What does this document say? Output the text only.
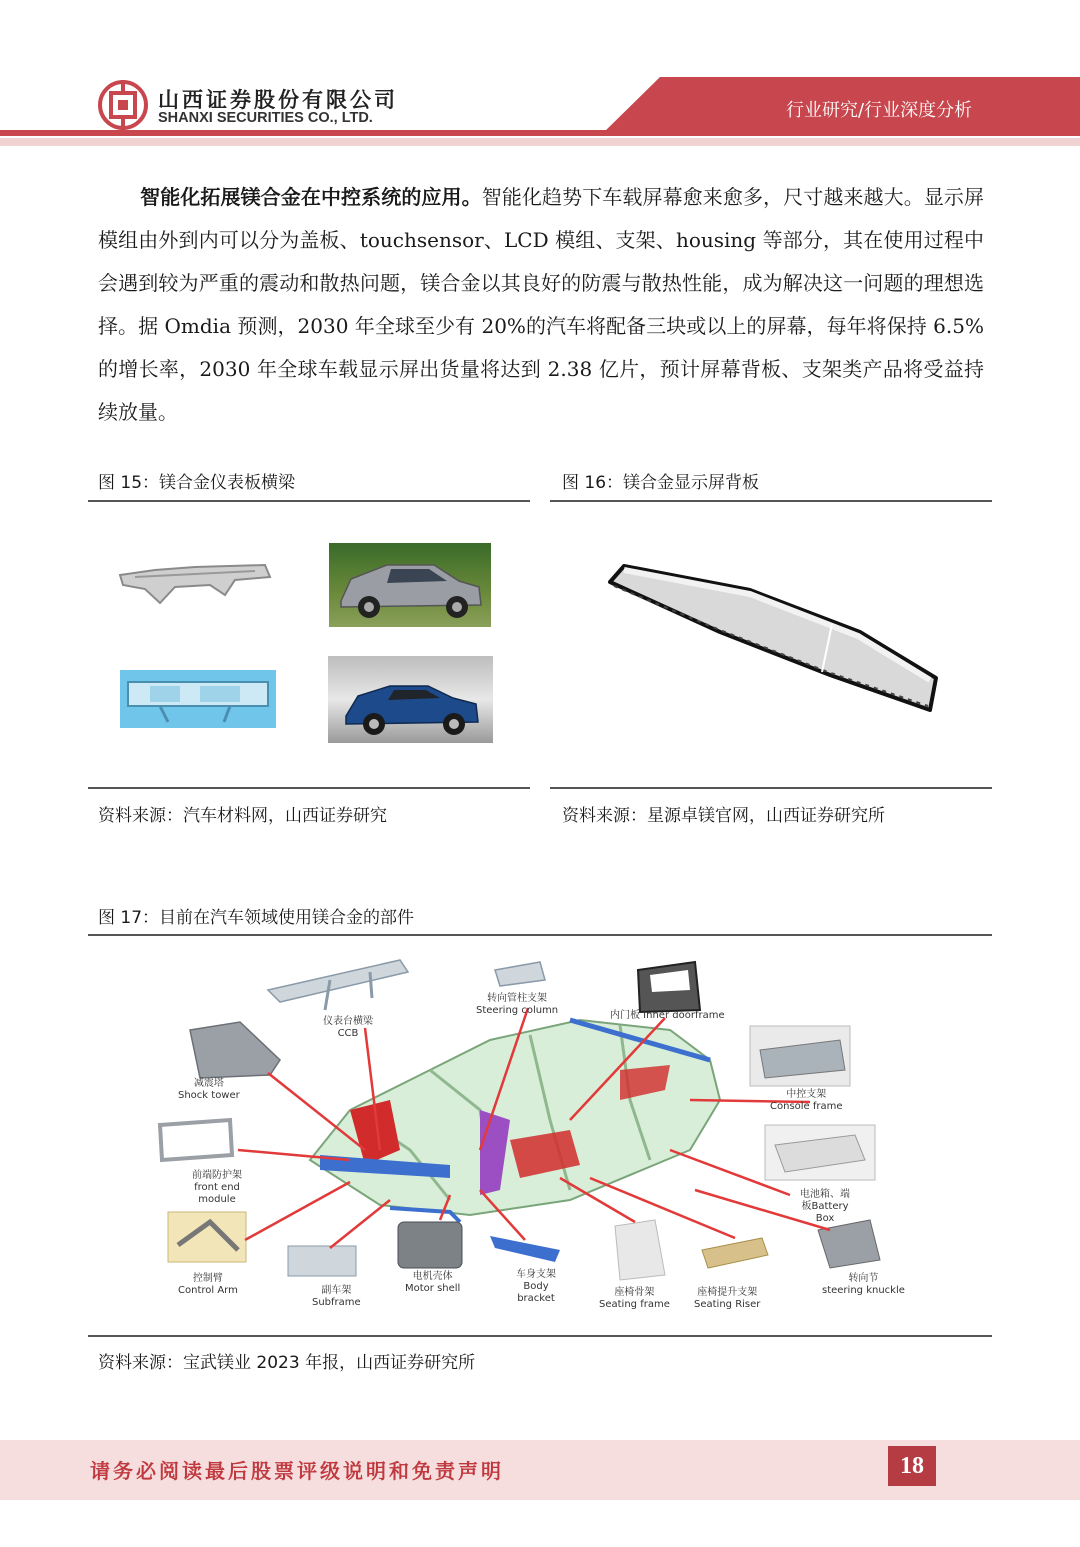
山西证券股份有限公司
SHANXI SECURITIES CO., LTD.	行业研究/行业深度分析

智能化拓展镁合金在中控系统的应用。智能化趋势下车载屏幕愈来愈多，尺寸越来越大。显示屏模组由外到内可以分为盖板、touchsensor、LCD 模组、支架、housing 等部分，其在使用过程中会遇到较为严重的震动和散热问题，镁合金以其良好的防震与散热性能，成为解决这一问题的理想选择。据 Omdia 预测，2030 年全球至少有 20%的汽车将配备三块或以上的屏幕，每年将保持 6.5%的增长率，2030 年全球车载显示屏出货量将达到 2.38 亿片，预计屏幕背板、支架类产品将受益持续放量。

图 15：镁合金仪表板横梁
资料来源：汽车材料网，山西证券研究
图 16：镁合金显示屏背板
资料来源：星源卓镁官网，山西证券研究所
图 17：目前在汽车领域使用镁合金的部件
仪表台横梁
CCB
转向管柱支架
Steering column	内门板 Inner doorframe
减震塔
Shock tower	中控支架
Console frame
前端防护架
front end
module	电池箱、端
板Battery
Box
控制臂
Control Arm	副车架
Subframe
电机壳体
Motor shell
车身支架
Body
bracket
座椅骨架
Seating frame
座椅提升支架
Seating Riser
转向节
steering knuckle
资料来源：宝武镁业 2023 年报，山西证券研究所
请务必阅读最后股票评级说明和免责声明	18
